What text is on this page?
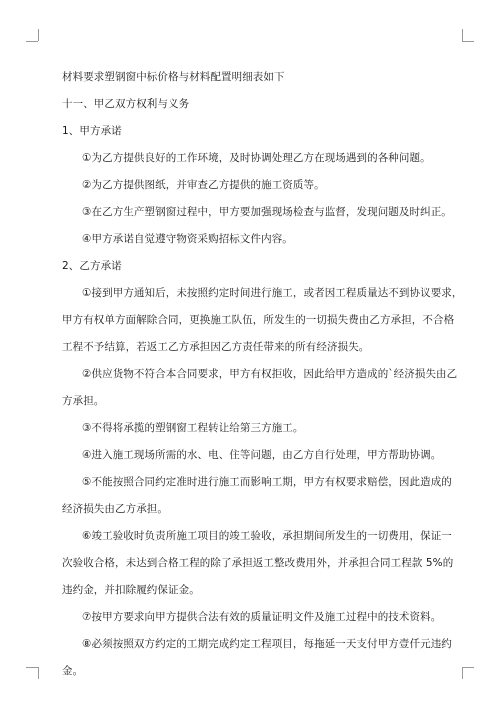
材料要求塑钢窗中标价格与材料配置明细表如下
十一、甲乙双方权利与义务
1、甲方承诺
①为乙方提供良好的工作环境，及时协调处理乙方在现场遇到的各种问题。
②为乙方提供图纸，并审查乙方提供的施工资质等。
③在乙方生产塑钢窗过程中，甲方要加强现场检查与监督，发现问题及时纠正。
④甲方承诺自觉遵守物资采购招标文件内容。
2、乙方承诺
①接到甲方通知后，未按照约定时间进行施工，或者因工程质量达不到协议要求，
甲方有权单方面解除合同，更换施工队伍，所发生的一切损失费由乙方承担，不合格
工程不予结算，若返工乙方承担因乙方责任带来的所有经济损失。
②供应货物不符合本合同要求，甲方有权拒收，因此给甲方造成的`经济损失由乙
方承担。
③不得将承揽的塑钢窗工程转让给第三方施工。
④进入施工现场所需的水、电、住等问题，由乙方自行处理，甲方帮助协调。
⑤不能按照合同约定准时进行施工而影响工期，甲方有权要求赔偿，因此造成的
经济损失由乙方承担。
⑥竣工验收时负责所施工项目的竣工验收，承担期间所发生的一切费用，保证一
次验收合格，未达到合格工程的除了承担返工整改费用外，并承担合同工程款 5%的
违约金，并扣除履约保证金。
⑦按甲方要求向甲方提供合法有效的质量证明文件及施工过程中的技术资料。
⑧必须按照双方约定的工期完成约定工程项目，每拖延一天支付甲方壹仟元违约
金。
